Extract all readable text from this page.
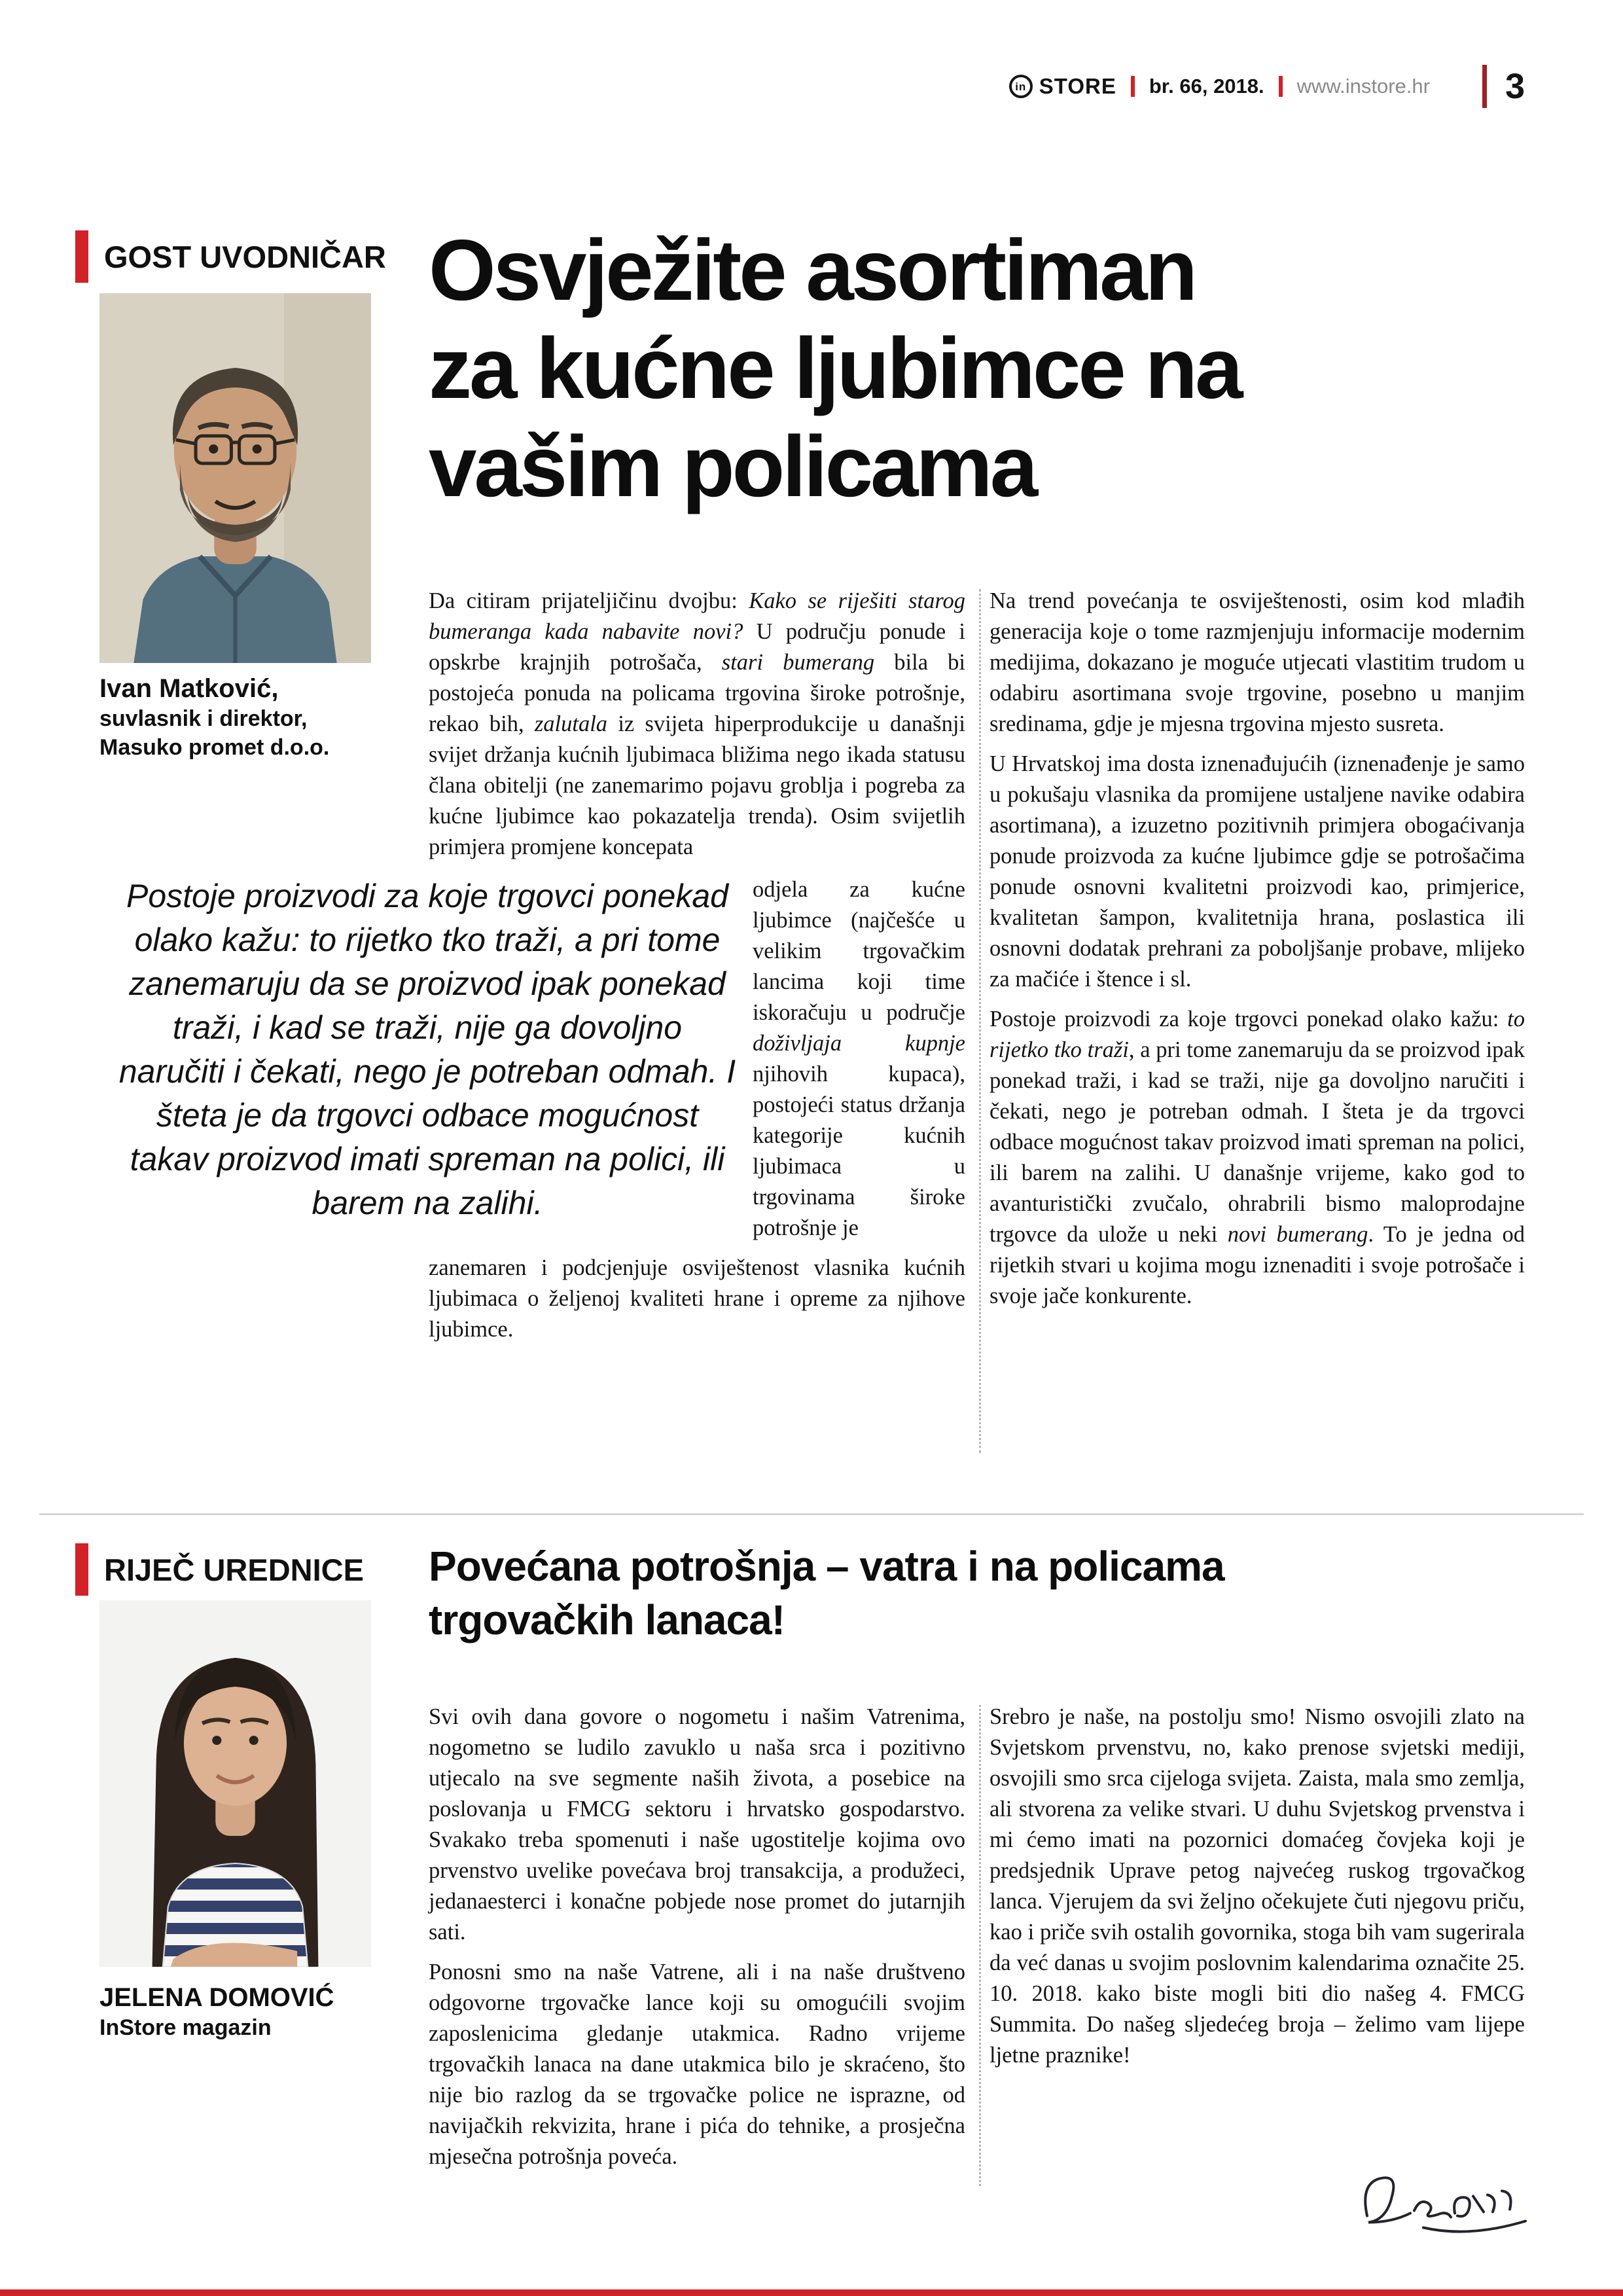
in STORE br. 66, 2018. www.instore.hr 3
GOST UVODNIČAR
Ivan Matković,
suvlasnik i direktor,
Masuko promet d.o.o.
Osvježite asortiman
za kućne ljubimce na
vašim policama

Da citiram prijateljičinu dvojbu: Kako se riješiti starog bumeranga kada nabavite novi? U području ponude i opskrbe krajnjih potrošača, stari bumerang bila bi postojeća ponuda na policama trgovina široke potrošnje, rekao bih, zalutala iz svijeta hiperprodukcije u današnji svijet držanja kućnih ljubimaca bližima nego ikada statusu člana obitelji (ne zanemarimo pojavu groblja i pogreba za kućne ljubimce kao pokazatelja trenda). Osim svijetlih primjera promjene koncepata

Postoje proizvodi za koje trgovci ponekad olako kažu: to rijetko tko traži, a pri tome zanemaruju da se proizvod ipak ponekad traži, i kad se traži, nije ga dovoljno naručiti i čekati, nego je potreban odmah. I šteta je da trgovci odbace mogućnost takav proizvod imati spreman na polici, ili barem na zalihi.

odjela za kućne ljubimce (najčešće u velikim trgovačkim lancima koji time iskoračuju u područje doživljaja kupnje njihovih kupaca), postojeći status držanja kategorije kućnih ljubimaca u trgovinama široke potrošnje je

zanemaren i podcjenjuje osviještenost vlasnika kućnih ljubimaca o željenoj kvaliteti hrane i opreme za njihove ljubimce.

Na trend povećanja te osviještenosti, osim kod mlađih generacija koje o tome razmjenjuju informacije modernim medijima, dokazano je moguće utjecati vlastitim trudom u odabiru asortimana svoje trgovine, posebno u manjim sredinama, gdje je mjesna trgovina mjesto susreta.

U Hrvatskoj ima dosta iznenađujućih (iznenađenje je samo u pokušaju vlasnika da promijene ustaljene navike odabira asortimana), a izuzetno pozitivnih primjera obogaćivanja ponude proizvoda za kućne ljubimce gdje se potrošačima ponude osnovni kvalitetni proizvodi kao, primjerice, kvalitetan šampon, kvalitetnija hrana, poslastica ili osnovni dodatak prehrani za poboljšanje probave, mlijeko za mačiće i štence i sl.

Postoje proizvodi za koje trgovci ponekad olako kažu: to rijetko tko traži, a pri tome zanemaruju da se proizvod ipak ponekad traži, i kad se traži, nije ga dovoljno naručiti i čekati, nego je potreban odmah. I šteta je da trgovci odbace mogućnost takav proizvod imati spreman na polici, ili barem na zalihi. U današnje vrijeme, kako god to avanturistički zvučalo, ohrabrili bismo maloprodajne trgovce da ulože u neki novi bumerang. To je jedna od rijetkih stvari u kojima mogu iznenaditi i svoje potrošače i svoje jače konkurente.

RIJEČ UREDNICE
JELENA DOMOVIĆ
InStore magazin
Povećana potrošnja – vatra i na policama
trgovačkih lanaca!

Svi ovih dana govore o nogometu i našim Vatrenima, nogometno se ludilo zavuklo u naša srca i pozitivno utjecalo na sve segmente naših života, a posebice na poslovanja u FMCG sektoru i hrvatsko gospodarstvo. Svakako treba spomenuti i naše ugostitelje kojima ovo prvenstvo uvelike povećava broj transakcija, a produžeci, jedanaesterci i konačne pobjede nose promet do jutarnjih sati.

Ponosni smo na naše Vatrene, ali i na naše društveno odgovorne trgovačke lance koji su omogućili svojim zaposlenicima gledanje utakmica. Radno vrijeme trgovačkih lanaca na dane utakmica bilo je skraćeno, što nije bio razlog da se trgovačke police ne isprazne, od navijačkih rekvizita, hrane i pića do tehnike, a prosječna mjesečna potrošnja poveća.

Srebro je naše, na postolju smo! Nismo osvojili zlato na Svjetskom prvenstvu, no, kako prenose svjetski mediji, osvojili smo srca cijeloga svijeta. Zaista, mala smo zemlja, ali stvorena za velike stvari. U duhu Svjetskog prvenstva i mi ćemo imati na pozornici domaćeg čovjeka koji je predsjednik Uprave petog najvećeg ruskog trgovačkog lanca. Vjerujem da svi željno očekujete čuti njegovu priču, kao i priče svih ostalih govornika, stoga bih vam sugerirala da već danas u svojim poslovnim kalendarima označite 25. 10. 2018. kako biste mogli biti dio našeg 4. FMCG Summita. Do našeg sljedećeg broja – želimo vam lijepe ljetne praznike!
